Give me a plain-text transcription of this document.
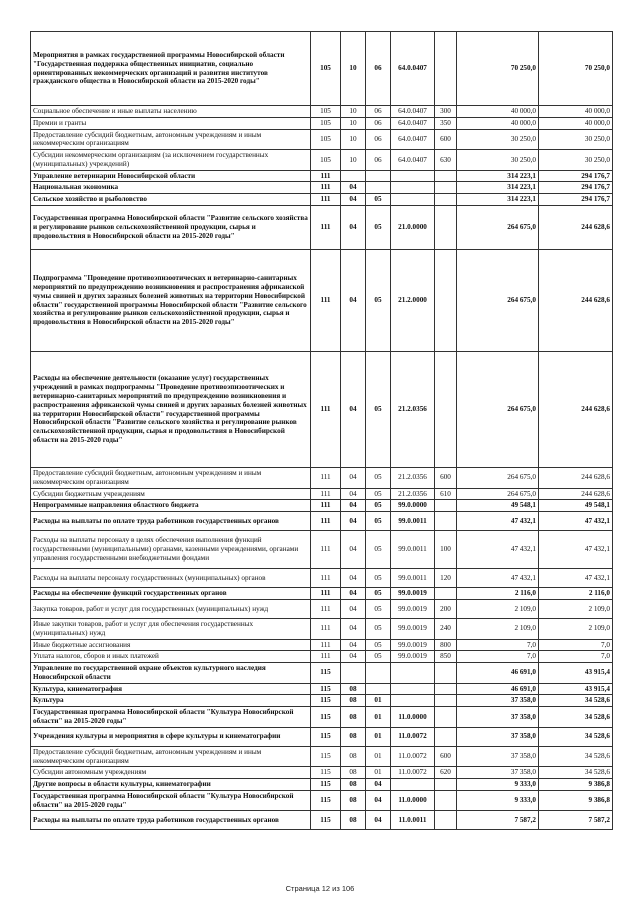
Мероприятия в рамках государственной программы Новосибирской области "Государственная поддержка общественных инициатив, социально ориентированных некоммерческих организаций и развития институтов гражданского общества в Новосибирской области на 2015-2020 годы"	105	10	06	64.0.0407		70 250,0	70 250,0
Социальное обеспечение и иные выплаты населению	105	10	06	64.0.0407	300	40 000,0	40 000,0
Премии и гранты	105	10	06	64.0.0407	350	40 000,0	40 000,0
Предоставление субсидий бюджетным, автономным учреждениям и иным некоммерческим организациям	105	10	06	64.0.0407	600	30 250,0	30 250,0
Субсидии некоммерческим организациям (за исключением государственных (муниципальных) учреждений)	105	10	06	64.0.0407	630	30 250,0	30 250,0
Управление ветеринарии Новосибирской области	111					314 223,1	294 176,7
Национальная экономика	111	04				314 223,1	294 176,7
Сельское хозяйство и рыболовство	111	04	05			314 223,1	294 176,7
Государственная программа Новосибирской области "Развитие сельского хозяйства и регулирование рынков сельскохозяйственной продукции, сырья и продовольствия в Новосибирской области на 2015-2020 годы"	111	04	05	21.0.0000		264 675,0	244 628,6
Подпрограмма "Проведение противоэпизоотических и ветеринарно-санитарных мероприятий по предупреждению возникновения и распространения африканской чумы свиней и других заразных болезней животных на территории Новосибирской области" государственной программы Новосибирской области "Развитие сельского хозяйства и регулирование рынков сельскохозяйственной продукции, сырья и продовольствия в Новосибирской области на 2015-2020 годы"	111	04	05	21.2.0000		264 675,0	244 628,6
Расходы на обеспечение деятельности (оказание услуг) государственных учреждений в рамках подпрограммы "Проведение противоэпизоотических и ветеринарно-санитарных мероприятий по предупреждению возникновения и распространения африканской чумы свиней и других заразных болезней животных на территории Новосибирской области" государственной программы Новосибирской области "Развитие сельского хозяйства и регулирование рынков сельскохозяйственной продукции, сырья и продовольствия в Новосибирской области на 2015-2020 годы"	111	04	05	21.2.0356		264 675,0	244 628,6
Предоставление субсидий бюджетным, автономным учреждениям и иным некоммерческим организациям	111	04	05	21.2.0356	600	264 675,0	244 628,6
Субсидии бюджетным учреждениям	111	04	05	21.2.0356	610	264 675,0	244 628,6
Непрограммные направления областного бюджета	111	04	05	99.0.0000		49 548,1	49 548,1
Расходы на выплаты по оплате труда работников государственных органов	111	04	05	99.0.0011		47 432,1	47 432,1
Расходы на выплаты персоналу в целях обеспечения выполнения функций государственными (муниципальными) органами, казенными учреждениями, органами управления государственными внебюджетными фондами	111	04	05	99.0.0011	100	47 432,1	47 432,1
Расходы на выплаты персоналу государственных (муниципальных) органов	111	04	05	99.0.0011	120	47 432,1	47 432,1
Расходы на обеспечение функций государственных органов	111	04	05	99.0.0019		2 116,0	2 116,0
Закупка товаров, работ и услуг для государственных (муниципальных) нужд	111	04	05	99.0.0019	200	2 109,0	2 109,0
Иные закупки товаров, работ и услуг для обеспечения государственных (муниципальных) нужд	111	04	05	99.0.0019	240	2 109,0	2 109,0
Иные бюджетные ассигнования	111	04	05	99.0.0019	800	7,0	7,0
Уплата налогов, сборов и иных платежей	111	04	05	99.0.0019	850	7,0	7,0
Управление по государственной охране объектов культурного наследия Новосибирской области	115					46 691,0	43 915,4
Культура, кинематография	115	08				46 691,0	43 915,4
Культура	115	08	01			37 358,0	34 528,6
Государственная программа Новосибирской области "Культура Новосибирской области" на 2015-2020 годы"	115	08	01	11.0.0000		37 358,0	34 528,6
Учреждения культуры и мероприятия в сфере культуры и кинематографии	115	08	01	11.0.0072		37 358,0	34 528,6
Предоставление субсидий бюджетным, автономным учреждениям и иным некоммерческим организациям	115	08	01	11.0.0072	600	37 358,0	34 528,6
Субсидии автономным учреждениям	115	08	01	11.0.0072	620	37 358,0	34 528,6
Другие вопросы в области культуры, кинематографии	115	08	04			9 333,0	9 386,8
Государственная программа Новосибирской области "Культура Новосибирской области" на 2015-2020 годы"	115	08	04	11.0.0000		9 333,0	9 386,8
Расходы на выплаты по оплате труда работников государственных органов	115	08	04	11.0.0011		7 587,2	7 587,2
Страница 12 из 106
